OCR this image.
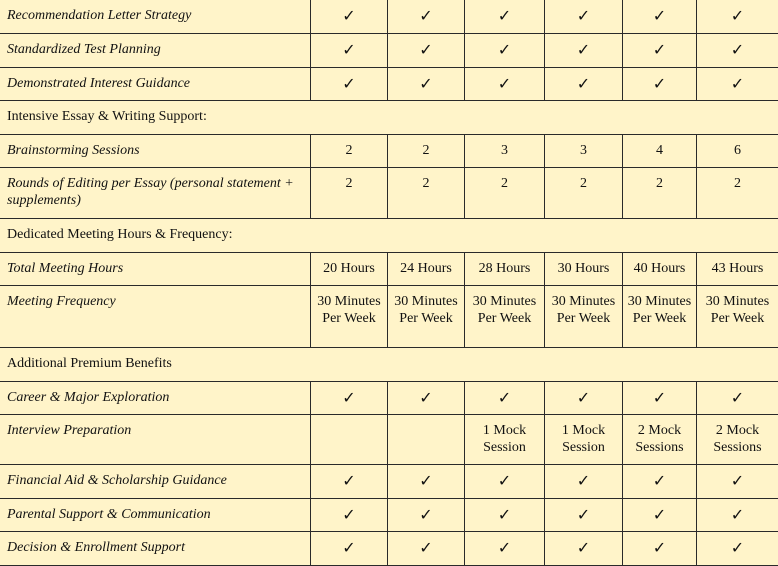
Recommendation Letter Strategy	✓	✓	✓	✓	✓	✓
Standardized Test Planning	✓	✓	✓	✓	✓	✓
Demonstrated Interest Guidance	✓	✓	✓	✓	✓	✓
Intensive Essay & Writing Support:						
Brainstorming Sessions	2	2	3	3	4	6
Rounds of Editing per Essay (personal statement + supplements)	2	2	2	2	2	2
Dedicated Meeting Hours & Frequency:						
Total Meeting Hours	20 Hours	24 Hours	28 Hours	30 Hours	40 Hours	43 Hours
Meeting Frequency	30 Minutes Per Week	30 Minutes Per Week	30 Minutes Per Week	30 Minutes Per Week	30 Minutes Per Week	30 Minutes Per Week
Additional Premium Benefits						
Career & Major Exploration	✓	✓	✓	✓	✓	✓
Interview Preparation			1 Mock Session	1 Mock Session	2 Mock Sessions	2 Mock Sessions
Financial Aid & Scholarship Guidance	✓	✓	✓	✓	✓	✓
Parental Support & Communication	✓	✓	✓	✓	✓	✓
Decision & Enrollment Support	✓	✓	✓	✓	✓	✓
